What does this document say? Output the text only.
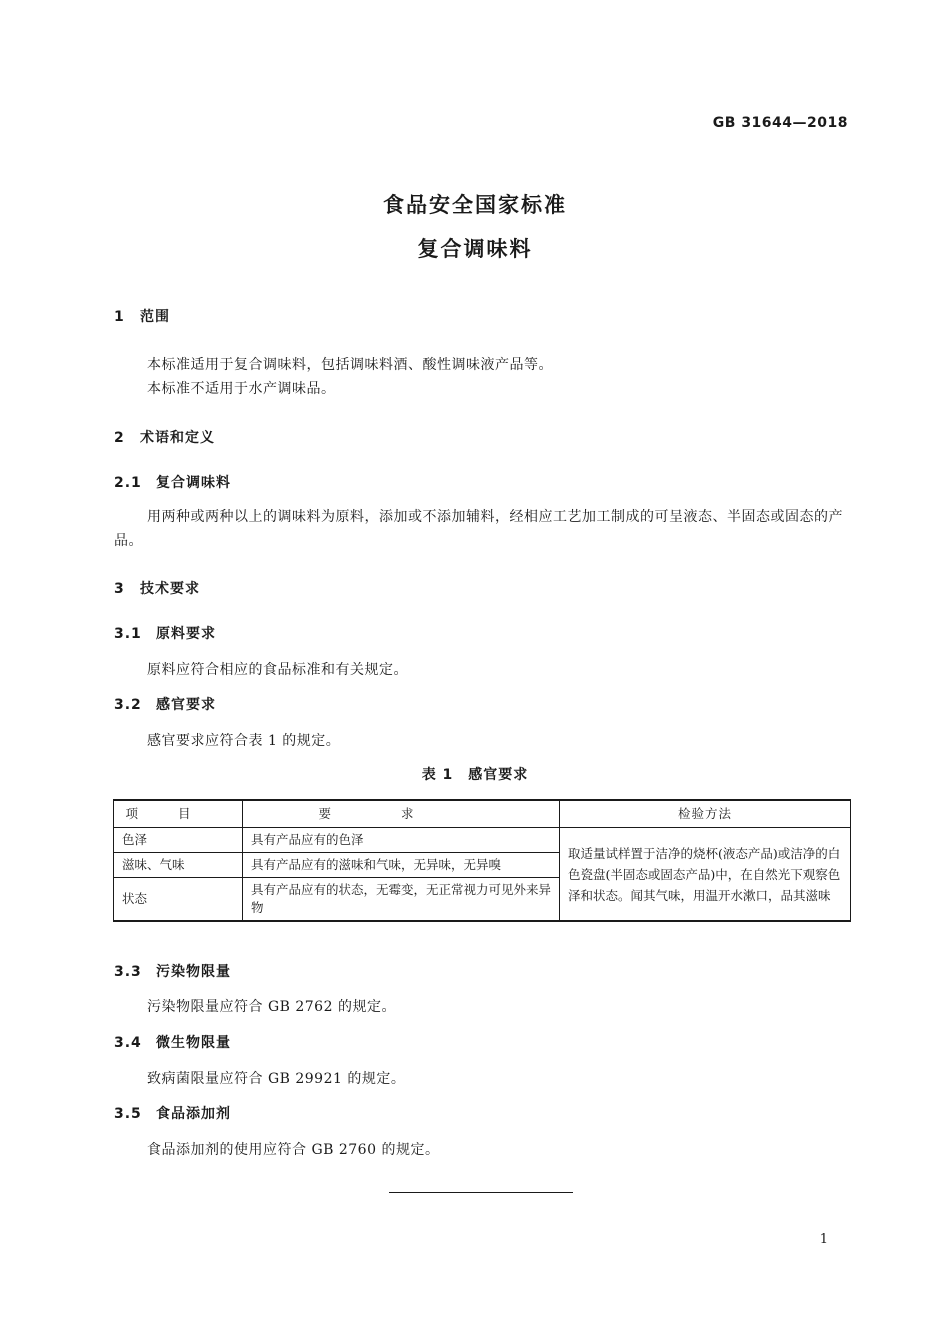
GB 31644—2018
食品安全国家标准
复合调味料
1 范围
本标准适用于复合调味料，包括调味料酒、酸性调味液产品等。
本标准不适用于水产调味品。
2 术语和定义
2.1 复合调味料
用两种或两种以上的调味料为原料，添加或不添加辅料，经相应工艺加工制成的可呈液态、半固态或固态的产品。
3 技术要求
3.1 原料要求
原料应符合相应的食品标准和有关规定。
3.2 感官要求
感官要求应符合表 1 的规定。
表 1　感官要求
项目	要求	检验方法
色泽	具有产品应有的色泽	取适量试样置于洁净的烧杯(液态产品)或洁净的白色瓷盘(半固态或固态产品)中，在自然光下观察色泽和状态。闻其气味，用温开水漱口，品其滋味
滋味、气味	具有产品应有的滋味和气味，无异味，无异嗅	
状态	具有产品应有的状态，无霉变，无正常视力可见外来异物	
3.3 污染物限量
污染物限量应符合 GB 2762 的规定。
3.4 微生物限量
致病菌限量应符合 GB 29921 的规定。
3.5 食品添加剂
食品添加剂的使用应符合 GB 2760 的规定。
1
